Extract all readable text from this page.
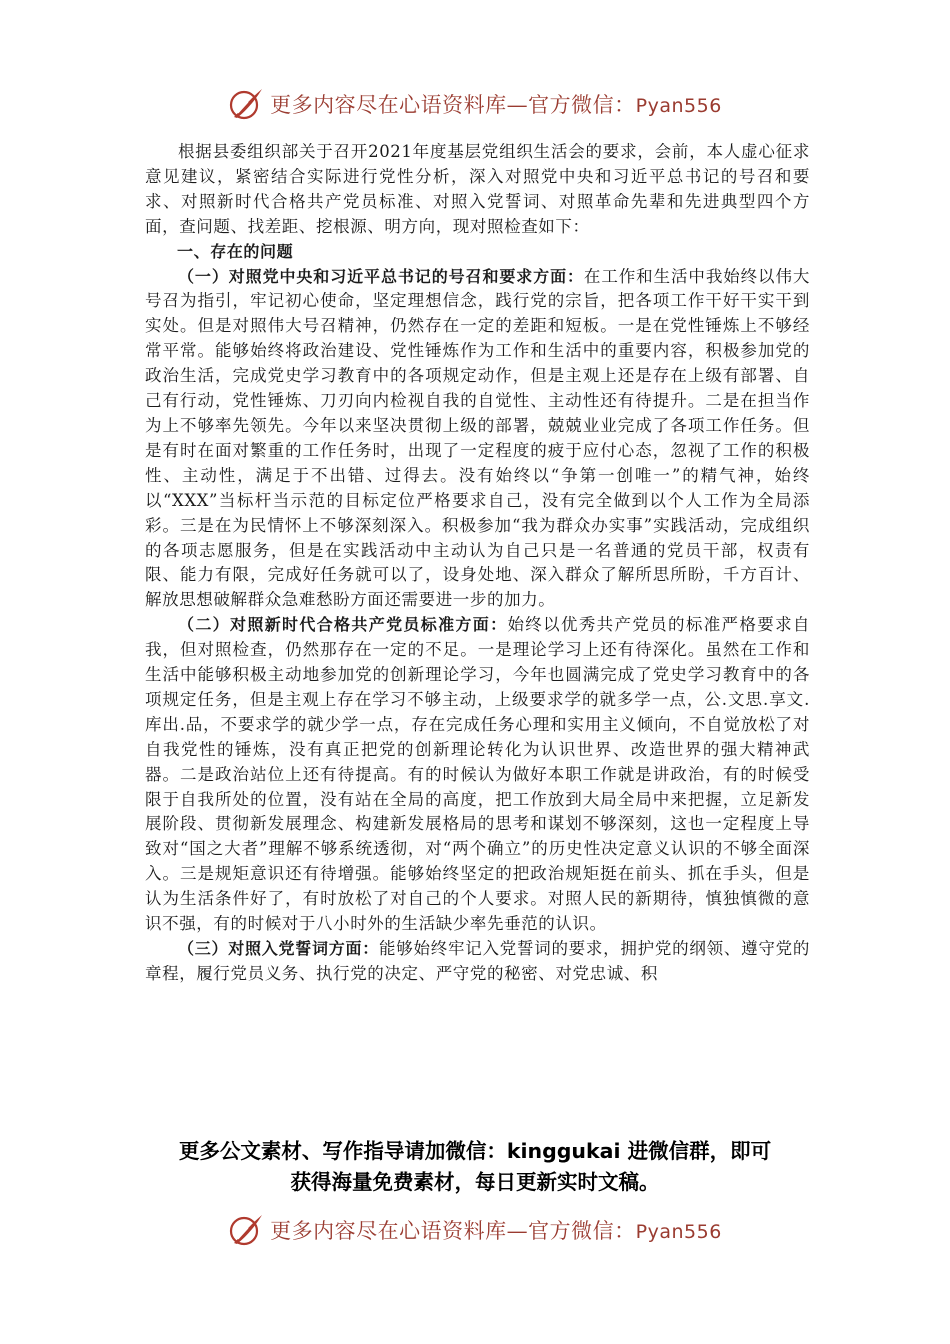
更多内容尽在心语资料库—官方微信：Pyan556

根据县委组织部关于召开2021年度基层党组织生活会的要求，会前，本人虚心征求意见建议，紧密结合实际进行党性分析，深入对照党中央和习近平总书记的号召和要求、对照新时代合格共产党员标准、对照入党誓词、对照革命先辈和先进典型四个方面，查问题、找差距、挖根源、明方向，现对照检查如下：

一、存在的问题

（一）对照党中央和习近平总书记的号召和要求方面：在工作和生活中我始终以伟大号召为指引，牢记初心使命，坚定理想信念，践行党的宗旨，把各项工作干好干实干到实处。但是对照伟大号召精神，仍然存在一定的差距和短板。一是在党性锤炼上不够经常平常。能够始终将政治建设、党性锤炼作为工作和生活中的重要内容，积极参加党的政治生活，完成党史学习教育中的各项规定动作，但是主观上还是存在上级有部署、自己有行动，党性锤炼、刀刃向内检视自我的自觉性、主动性还有待提升。二是在担当作为上不够率先领先。今年以来坚决贯彻上级的部署，兢兢业业完成了各项工作任务。但是有时在面对繁重的工作任务时，出现了一定程度的疲于应付心态，忽视了工作的积极性、主动性，满足于不出错、过得去。没有始终以“争第一创唯一”的精气神，始终以“XXX”当标杆当示范的目标定位严格要求自己，没有完全做到以个人工作为全局添彩。三是在为民情怀上不够深刻深入。积极参加“我为群众办实事”实践活动，完成组织的各项志愿服务，但是在实践活动中主动认为自己只是一名普通的党员干部，权责有限、能力有限，完成好任务就可以了，设身处地、深入群众了解所思所盼，千方百计、解放思想破解群众急难愁盼方面还需要进一步的加力。

（二）对照新时代合格共产党员标准方面：始终以优秀共产党员的标准严格要求自我，但对照检查，仍然那存在一定的不足。一是理论学习上还有待深化。虽然在工作和生活中能够积极主动地参加党的创新理论学习，今年也圆满完成了党史学习教育中的各项规定任务，但是主观上存在学习不够主动，上级要求学的就多学一点，公.文思.享文.库出.品，不要求学的就少学一点，存在完成任务心理和实用主义倾向，不自觉放松了对自我党性的锤炼，没有真正把党的创新理论转化为认识世界、改造世界的强大精神武器。二是政治站位上还有待提高。有的时候认为做好本职工作就是讲政治，有的时候受限于自我所处的位置，没有站在全局的高度，把工作放到大局全局中来把握，立足新发展阶段、贯彻新发展理念、构建新发展格局的思考和谋划不够深刻，这也一定程度上导致对“国之大者”理解不够系统透彻，对“两个确立”的历史性决定意义认识的不够全面深入。三是规矩意识还有待增强。能够始终坚定的把政治规矩挺在前头、抓在手头，但是认为生活条件好了，有时放松了对自己的个人要求。对照人民的新期待，慎独慎微的意识不强，有的时候对于八小时外的生活缺少率先垂范的认识。

（三）对照入党誓词方面：能够始终牢记入党誓词的要求，拥护党的纲领、遵守党的章程，履行党员义务、执行党的决定、严守党的秘密、对党忠诚、积

更多公文素材、写作指导请加微信：kinggukai 进微信群，即可
获得海量免费素材，每日更新实时文稿。
更多内容尽在心语资料库—官方微信：Pyan556
